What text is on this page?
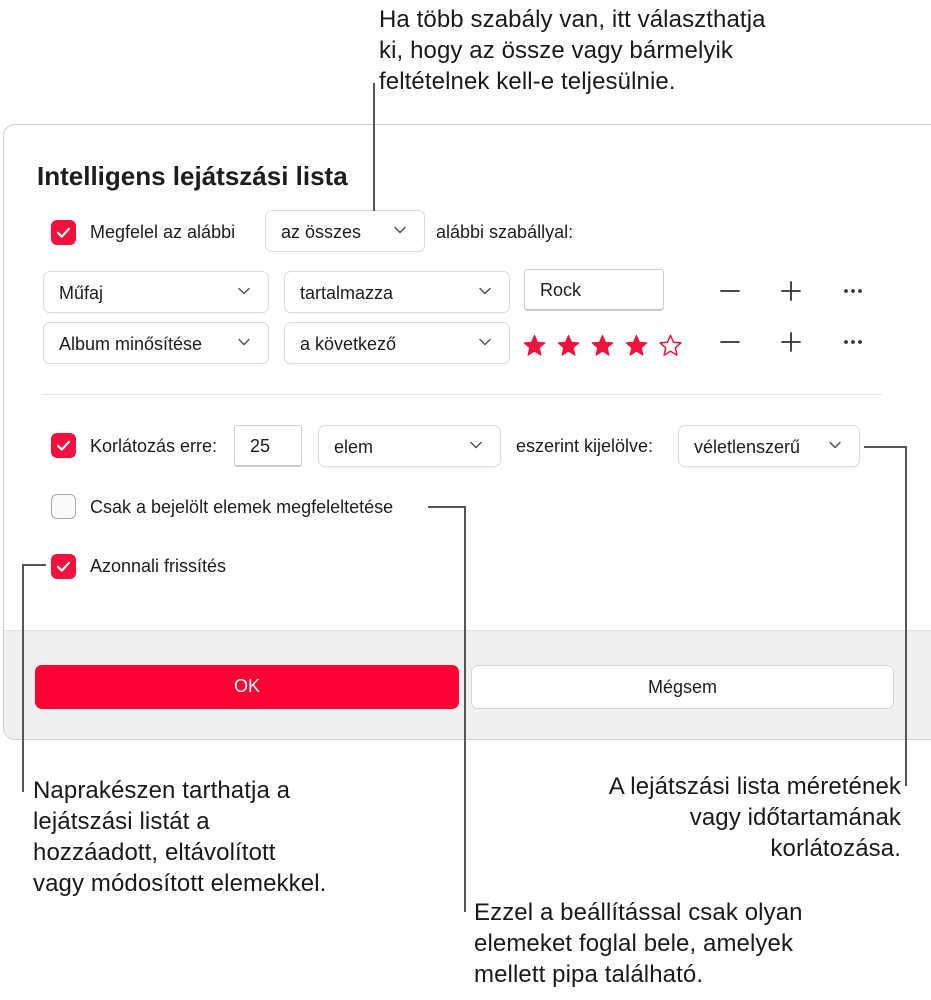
Ha több szabály van, itt választhatja
ki, hogy az össze vagy bármelyik
feltételnek kell-e teljesülnie.
Naprakészen tarthatja a
lejátszási listát a
hozzáadott, eltávolított
vagy módosított elemekkel.
A lejátszási lista méretének
vagy időtartamának
korlátozása.
Ezzel a beállítással csak olyan
elemeket foglal bele, amelyek
mellett pipa található.
Intelligens lejátszási lista
Megfelel az alábbi	az összes	alábbi szabállyal:
Műfaj	tartalmazza	Rock
Album minősítése	a következő
Korlátozás erre: 25	elem	eszerint kijelölve: véletlenszerű
Csak a bejelölt elemek megfeleltetése
Azonnali frissítés
OK	Mégsem
